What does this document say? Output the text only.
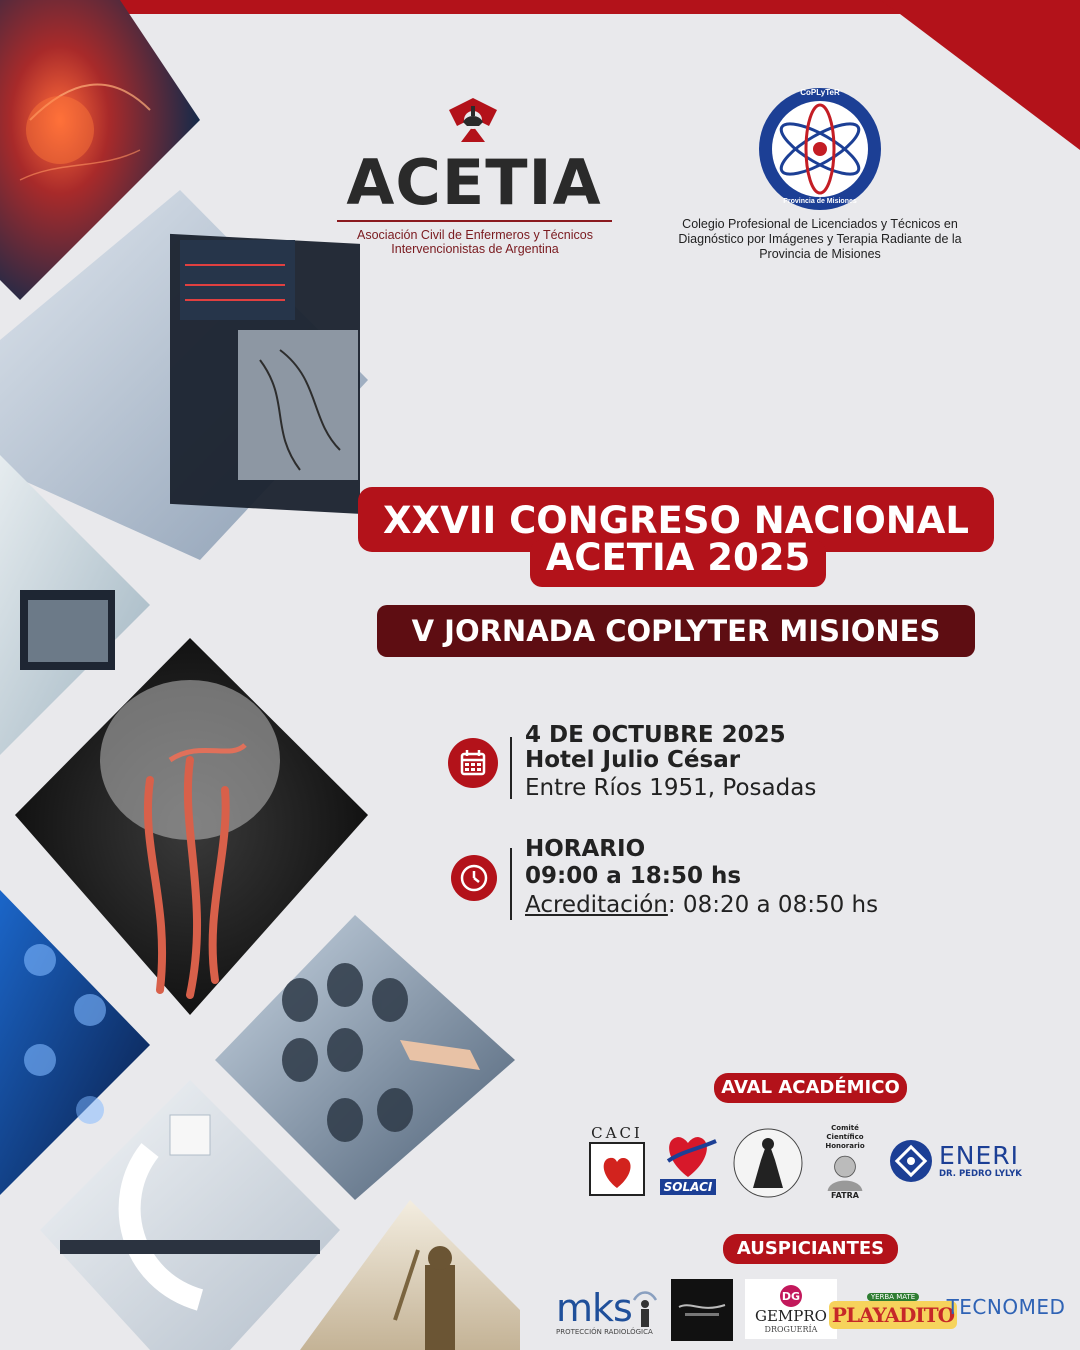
ACETIA
Asociación Civil de Enfermeros y Técnicos
Intervencionistas de Argentina
CoPLyTeR
Provincia de Misiones
Colegio Profesional de Licenciados y Técnicos en
Diagnóstico por Imágenes y Terapia Radiante de la
Provincia de Misiones
XXVII CONGRESO NACIONAL
ACETIA 2025
V JORNADA COPLYTER MISIONES
4 DE OCTUBRE 2025
Hotel Julio César
Entre Ríos 1951, Posadas
HORARIO
09:00 a 18:50 hs
Acreditación: 08:20 a 08:50 hs
AVAL ACADÉMICO
CACI
SOLACI
Comité Científico Honorario
FATRA
ENERI
DR. PEDRO LYLYK
AUSPICIANTES
mks
PROTECCIÓN RADIOLÓGICA
DG
GEMPRO
DROGUERÍA
YERBA MATE
PLAYADITO
TECNOMED
